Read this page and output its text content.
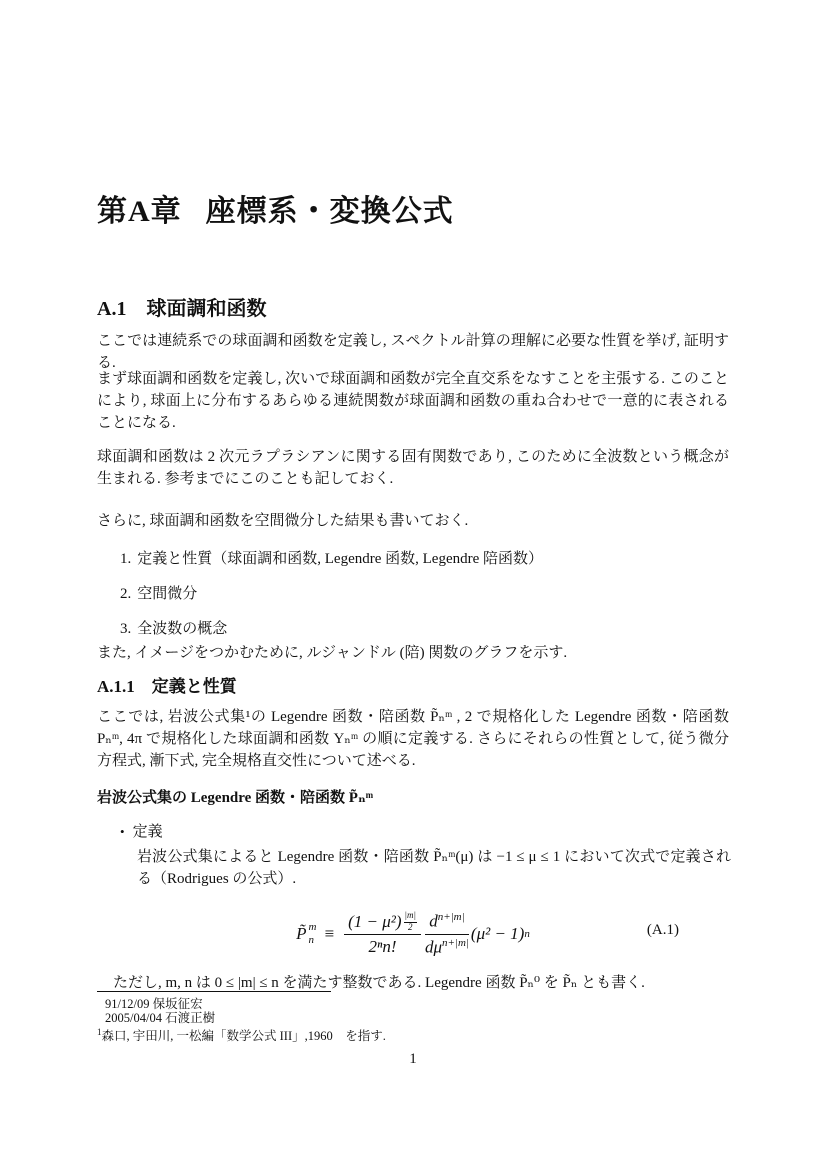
第A章 座標系・変換公式
A.1 球面調和函数
ここでは連続系での球面調和函数を定義し, スペクトル計算の理解に必要な性質を挙げ, 証明する.
まず球面調和函数を定義し, 次いで球面調和函数が完全直交系をなすことを主張する. このことにより, 球面上に分布するあらゆる連続関数が球面調和函数の重ね合わせで一意的に表されることになる.
球面調和函数は 2 次元ラプラシアンに関する固有関数であり, このために全波数という概念が生まれる. 参考までにこのことも記しておく.
さらに, 球面調和函数を空間微分した結果も書いておく.
1. 定義と性質（球面調和函数, Legendre 函数, Legendre 陪函数）
2. 空間微分
3. 全波数の概念
また, イメージをつかむために, ルジャンドル (陪) 関数のグラフを示す.
A.1.1 定義と性質
ここでは, 岩波公式集¹の Legendre 函数・陪函数 P̃ₙᵐ , 2 で規格化した Legendre 函数・陪函数 Pₙᵐ, 4π で規格化した球面調和函数 Yₙᵐ の順に定義する. さらにそれらの性質として, 従う微分方程式, 漸下式, 完全規格直交性について述べる.
岩波公式集の Legendre 函数・陪函数 P̃ₙᵐ
• 定義
岩波公式集によると Legendre 函数・陪函数 P̃ₙᵐ(μ) は −1 ≤ μ ≤ 1 において次式で定義される（Rodrigues の公式）.
P̃ m
$n \equiv \frac{(1 - \mu^2) \frac{|m|}{2}}{\text{2ⁿn!}} \frac{d^{n+|m|}}{d\mu^{n+|m|}} (\mu^2 - 1)$ n	(A.1)
ただし, m, n は 0 ≤ |m| ≤ n を満たす整数である. Legendre 函数 P̃ₙ⁰ を P̃ₙ とも書く.
91/12/09 保坂征宏
2005/04/04 石渡正樹
$^1$森口, 宇田川, 一松編「数学公式 III」,1960　を指す.
1
